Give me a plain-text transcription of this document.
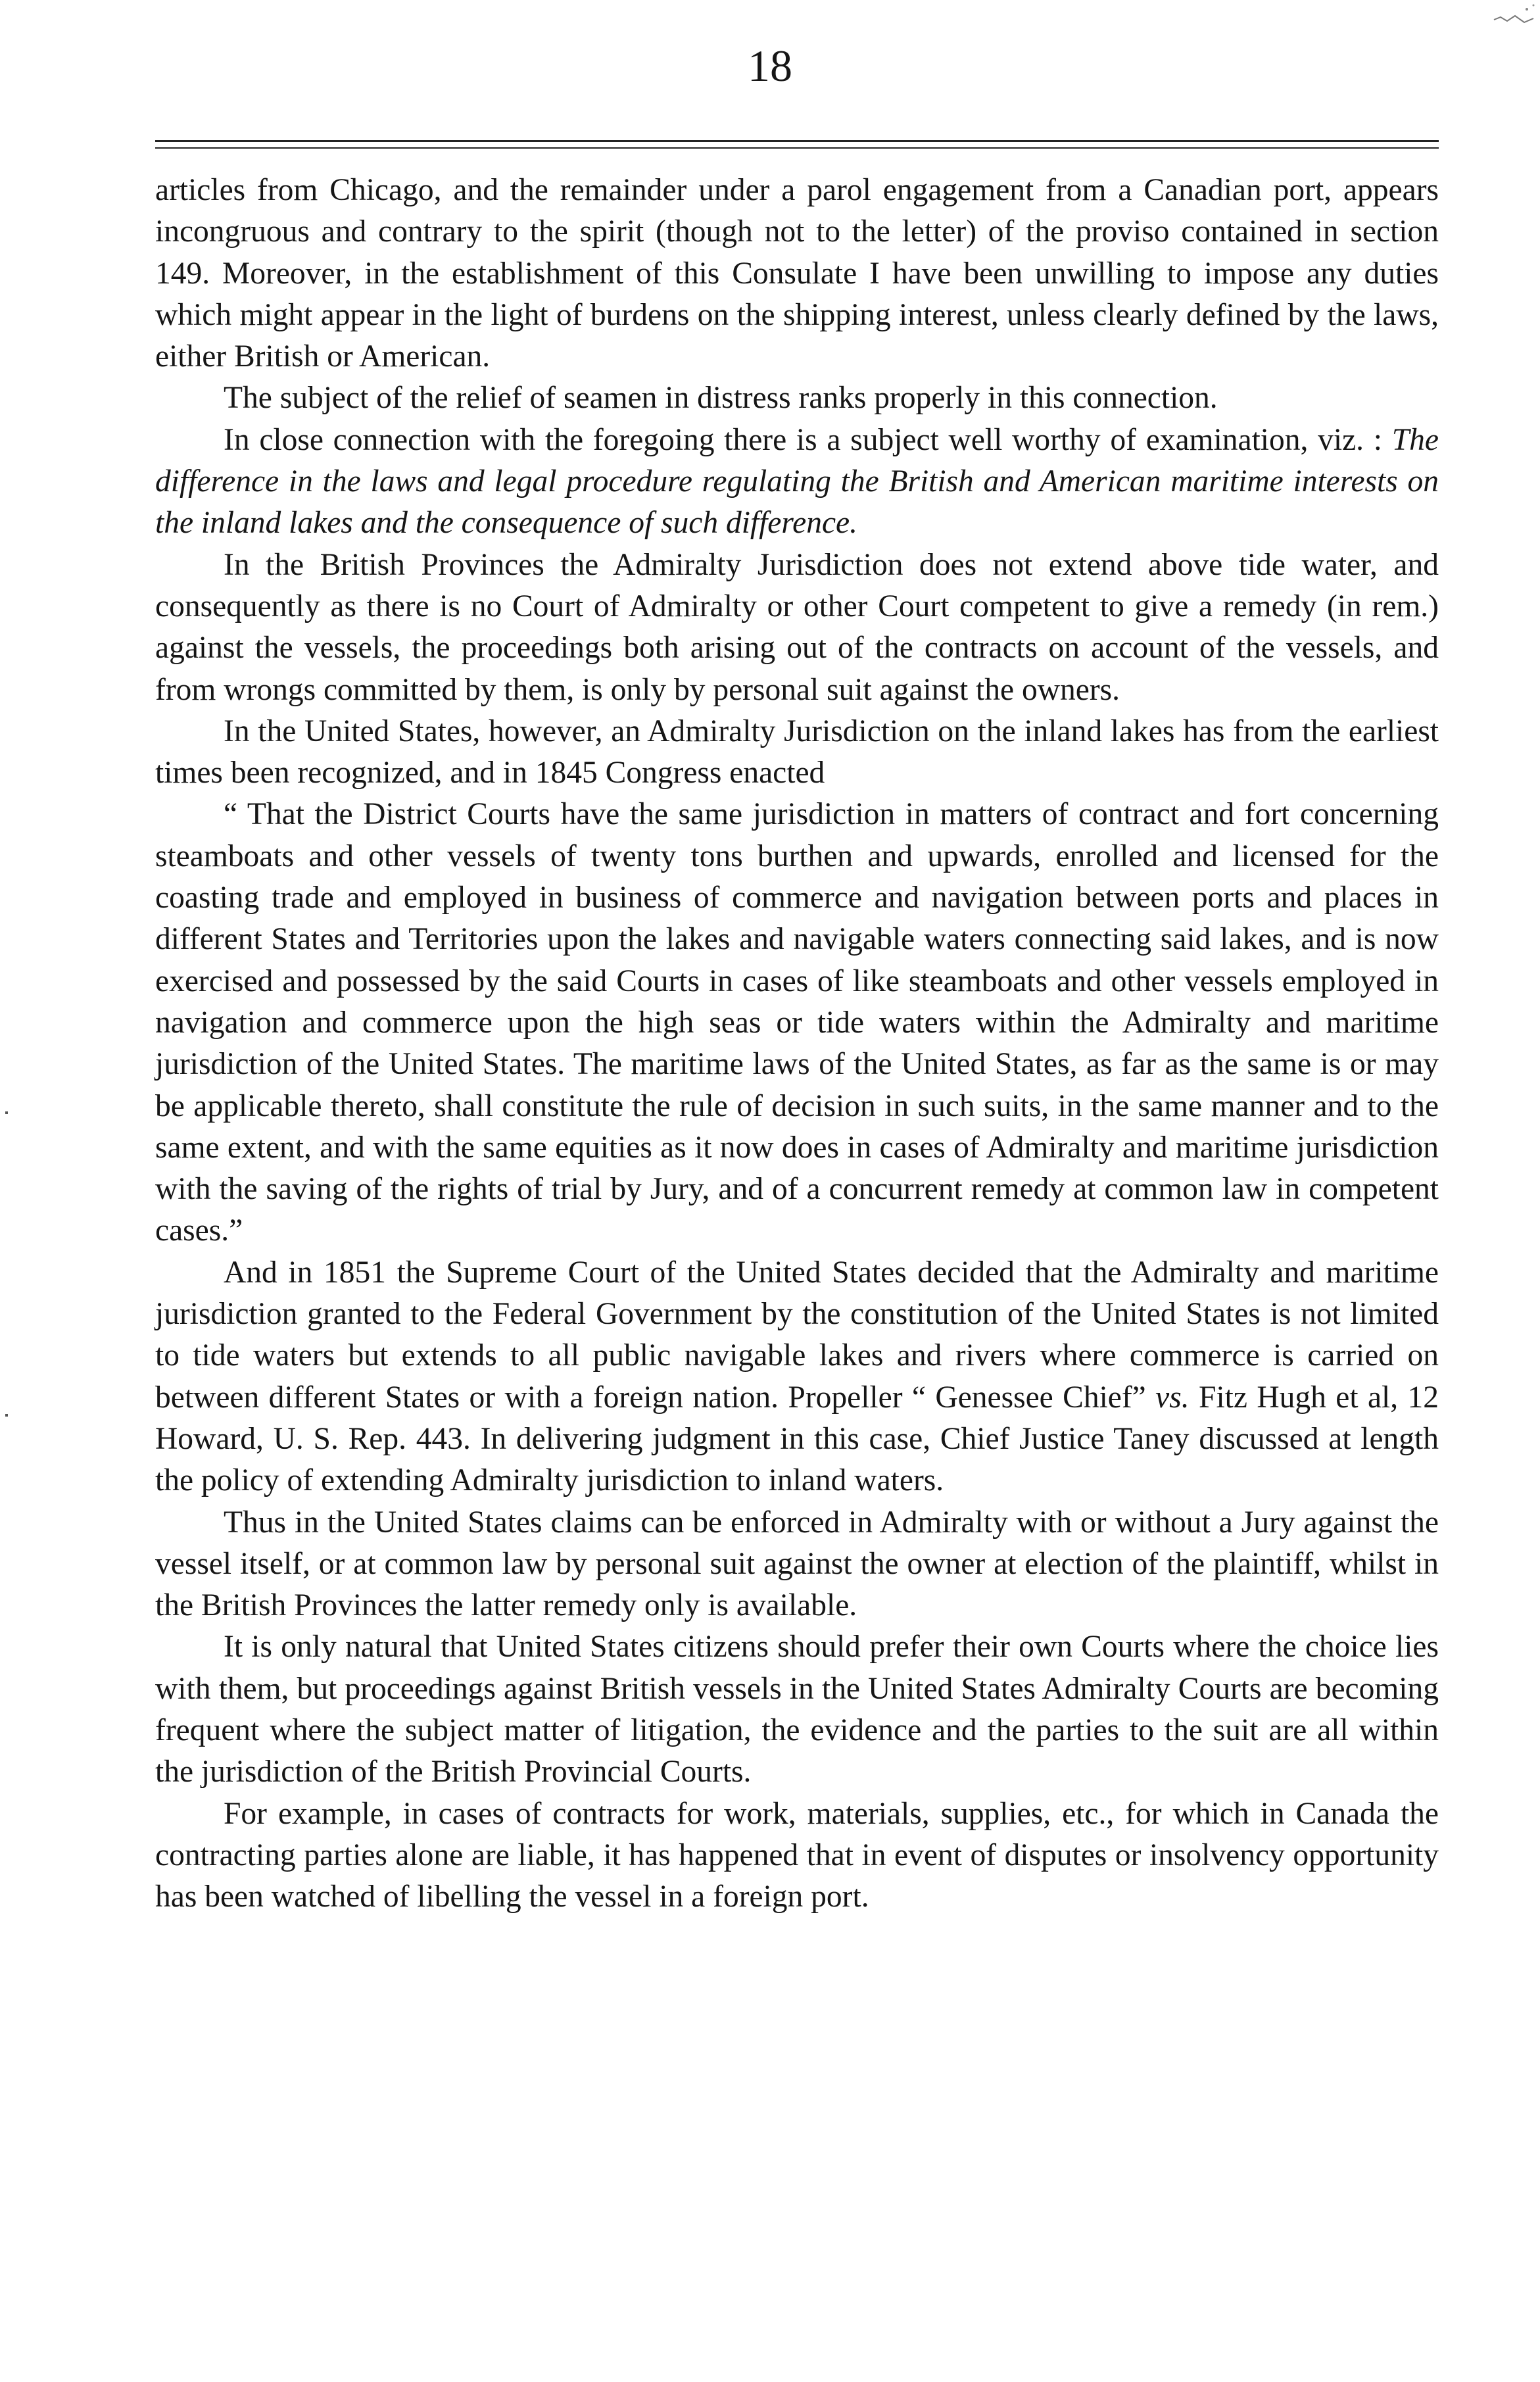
18

articles from Chicago, and the remainder under a parol engagement from a Canadian port, appears incongruous and contrary to the spirit (though not to the letter) of the proviso contained in section 149. Moreover, in the establishment of this Consulate I have been unwilling to impose any duties which might appear in the light of burdens on the shipping interest, unless clearly defined by the laws, either British or American.

The subject of the relief of seamen in distress ranks properly in this connection.

In close connection with the foregoing there is a subject well worthy of examination, viz. : The difference in the laws and legal procedure regulating the British and American maritime interests on the inland lakes and the consequence of such difference.

In the British Provinces the Admiralty Jurisdiction does not extend above tide water, and consequently as there is no Court of Admiralty or other Court competent to give a remedy (in rem.) against the vessels, the proceedings both arising out of the contracts on account of the vessels, and from wrongs committed by them, is only by personal suit against the owners.

In the United States, however, an Admiralty Jurisdiction on the inland lakes has from the earliest times been recognized, and in 1845 Congress enacted

“ That the District Courts have the same jurisdiction in matters of contract and fort concerning steamboats and other vessels of twenty tons burthen and upwards, enrolled and licensed for the coasting trade and employed in business of commerce and navigation between ports and places in different States and Territories upon the lakes and navigable waters connecting said lakes, and is now exercised and possessed by the said Courts in cases of like steamboats and other vessels employed in navigation and commerce upon the high seas or tide waters within the Admiralty and maritime jurisdiction of the United States. The maritime laws of the United States, as far as the same is or may be applicable thereto, shall constitute the rule of decision in such suits, in the same manner and to the same extent, and with the same equities as it now does in cases of Admiralty and maritime jurisdiction with the saving of the rights of trial by Jury, and of a concurrent remedy at common law in competent cases.”

And in 1851 the Supreme Court of the United States decided that the Admiralty and maritime jurisdiction granted to the Federal Government by the constitution of the United States is not limited to tide waters but extends to all public navigable lakes and rivers where commerce is carried on between different States or with a foreign nation. Propeller “ Genessee Chief” vs. Fitz Hugh et al, 12 Howard, U. S. Rep. 443. In delivering judgment in this case, Chief Justice Taney discussed at length the policy of extending Admiralty jurisdiction to inland waters.

Thus in the United States claims can be enforced in Admiralty with or without a Jury against the vessel itself, or at common law by personal suit against the owner at election of the plaintiff, whilst in the British Provinces the latter remedy only is available.

It is only natural that United States citizens should prefer their own Courts where the choice lies with them, but proceedings against British vessels in the United States Admiralty Courts are becoming frequent where the subject matter of litigation, the evidence and the parties to the suit are all within the jurisdiction of the British Provincial Courts.

For example, in cases of contracts for work, materials, supplies, etc., for which in Canada the contracting parties alone are liable, it has happened that in event of disputes or insolvency opportunity has been watched of libelling the vessel in a foreign port.
